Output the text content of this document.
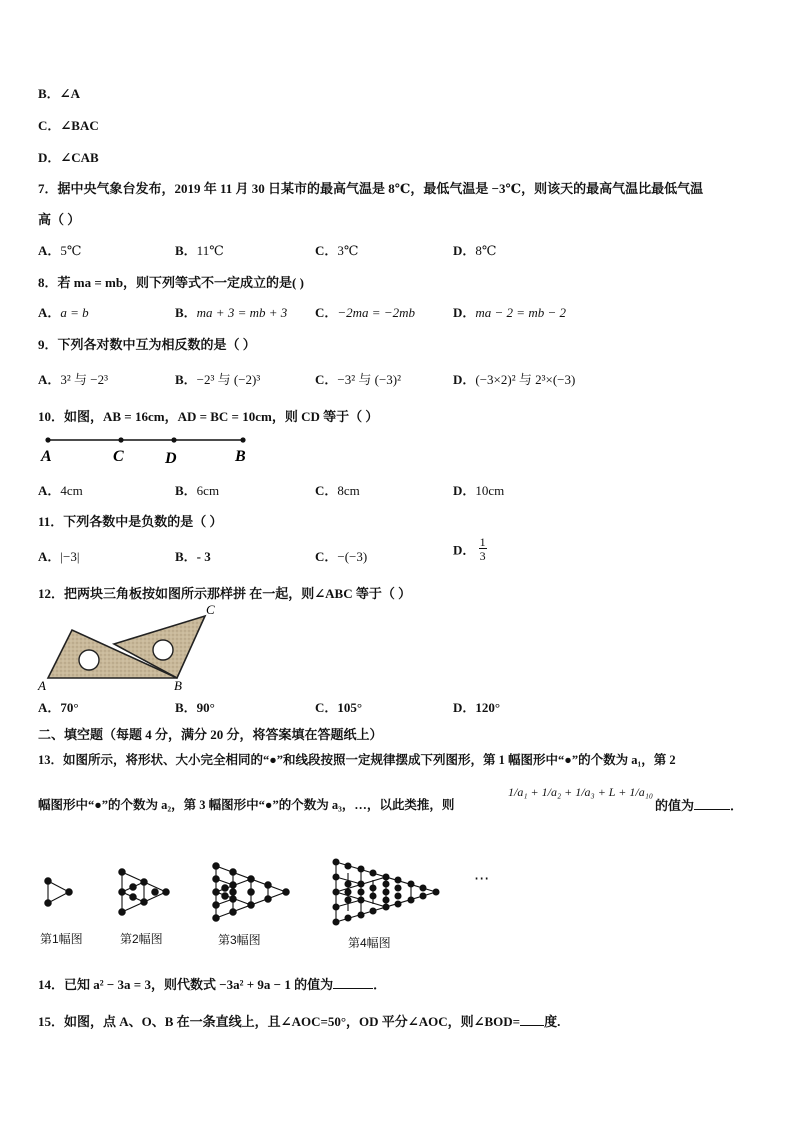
B．∠A
C．∠BAC
D．∠CAB
7．据中央气象台发布，2019 年 11 月 30 日某市的最高气温是 8℃，最低气温是 −3℃，则该天的最高气温比最低气温
高（ ）
A．5℃	B．11℃	C．3℃	D．8℃
8．若 ma = mb，则下列等式不一定成立的是( )
A．a = b	B．ma + 3 = mb + 3 C．−2ma = −2mb	D．ma − 2 = mb − 2
9．下列各对数中互为相反数的是（ ）
A．3² 与 −2³	B．−2³ 与 (−2)³	C．−3² 与 (−3)²	D．(−3×2)² 与 2³×(−3)
10．如图，AB = 16cm，AD = BC = 10cm，则 CD 等于（ ）
A	C	D	B
A．4cm	B．6cm	C．8cm	D．10cm
11．下列各数中是负数的是（ ）
A．|−3|	B．- 3	C．−(−3)	D． $\frac{1}{3}$
12．把两块三角板按如图所示那样拼 在一起，则∠ABC 等于（ ）
A	B
C
A．70°	B．90°	C．105°	D．120°
二、填空题（每题 4 分，满分 20 分，将答案填在答题纸上）
13．如图所示，将形状、大小完全相同的“●”和线段按照一定规律摆成下列图形，第 1 幅图形中“●”的个数为 a₁，第 2
幅图形中“●”的个数为 a₂，第 3 幅图形中“●”的个数为 a₃，…，以此类推，则
1/a₁ + 1/a₂ + 1/a₃ + L + 1/a₁₀
的值为	．
···
第1幅图	第2幅图	第3幅图	第4幅图
14．已知 a² − 3a = 3，则代数式 −3a² + 9a − 1 的值为	．
15．如图，点 A、O、B 在一条直线上，且∠AOC=50°，OD 平分∠AOC，则∠BOD= 度.
